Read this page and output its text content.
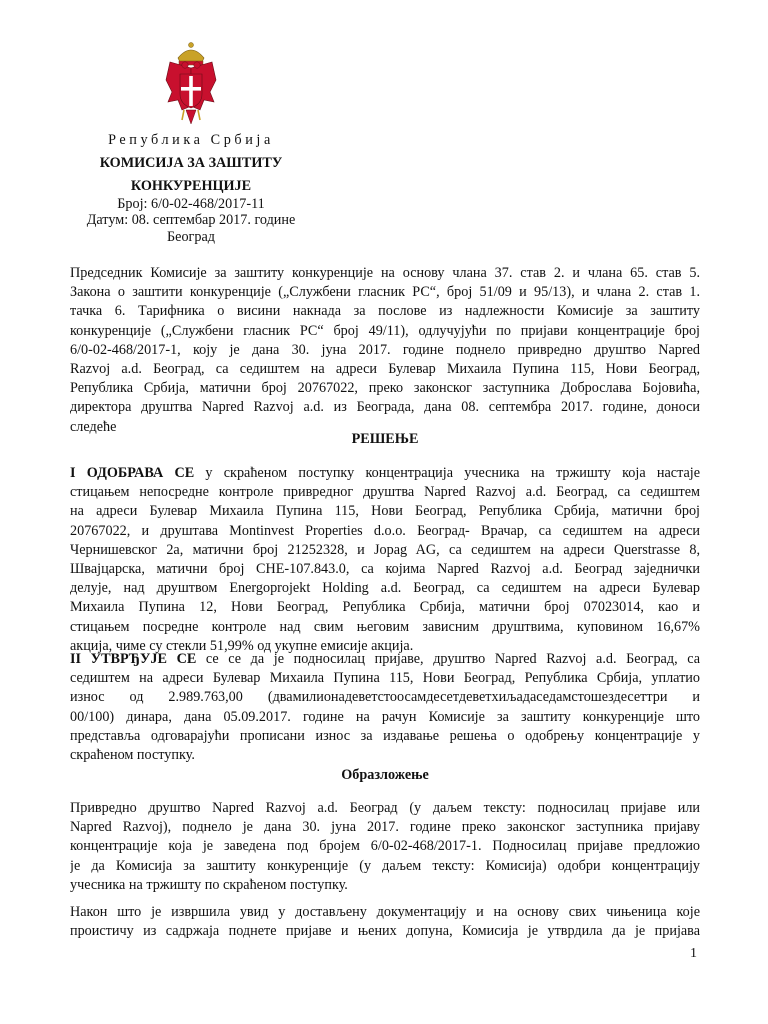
Република Србија
КОМИСИЈА ЗА ЗАШТИТУ
КОНКУРЕНЦИЈЕ
Број: 6/0-02-468/2017-11
Датум: 08. септембар 2017. године
Београд
Председник Комисије за заштиту конкуренције на основу члана 37. став 2. и члана 65. став 5.
Закона о заштити конкуренције („Службени гласник РС“, број 51/09 и 95/13), и члана 2. став 1.
тачка 6. Тарифника о висини накнада за послове из надлежности Комисије за заштиту
конкуренције („Службени гласник РС“ број 49/11), одлучујући по пријави концентрације број
6/0-02-468/2017-1, коју је дана 30. јуна 2017. године поднело привредно друштво Napred
Razvoj a.d. Београд, са седиштем на адреси Булевар Михаила Пупина 115, Нови Београд,
Република Србија, матични број 20767022, преко законског заступника Доброслава Бојовића,
директора друштва Napred Razvoj a.d. из Београда, дана 08. септембра 2017. године, доноси
следеће
РЕШЕЊЕ
I ОДОБРАВА СЕ у скраћеном поступку концентрација учесника на тржишту која настаје
стицањем непосредне контроле привредног друштва Napred Razvoj a.d. Београд, са седиштем
на адреси Булевар Михаила Пупина 115, Нови Београд, Република Србија, матични број
20767022, и друштава Montinvest Properties d.o.o. Београд- Врачар, са седиштем на адреси
Чернишевског 2а, матични број 21252328, и Jopag AG, са седиштем на адреси Querstrasse 8,
Швајцарска, матични број CHE-107.843.0, са којима Napred Razvoj a.d. Београд заједнички
делује, над друштвом Energoprojekt Holding a.d. Београд, са седиштем на адреси Булевар
Михаила Пупина 12, Нови Београд, Република Србија, матични број 07023014, као и
стицањем посредне контроле над свим његовим зависним друштвима, куповином 16,67%
акција, чиме су стекли 51,99% од укупне емисије акција.
II УТВРЂУЈЕ СЕ се се да је подносилац пријаве, друштво Napred Razvoj a.d. Београд, са
седиштем на адреси Булевар Михаила Пупина 115, Нови Београд, Република Србија, уплатио
износ од 2.989.763,00 (двамилионадеветстоосамдесетдеветхиљадаседамстошездесеттри и
00/100) динара, дана 05.09.2017. године на рачун Комисије за заштиту конкуренције што
представља одговарајући прописани износ за издавање решења о одобрењу концентрације у
скраћеном поступку.
Образложење
Привредно друштво Napred Razvoj a.d. Београд (у даљем тексту: подносилац пријаве или
Napred Razvoj), поднело је дана 30. јуна 2017. године преко законског заступника пријаву
концентрације која је заведена под бројем 6/0-02-468/2017-1. Подносилац пријаве предложио
је да Комисија за заштиту конкуренције (у даљем тексту: Комисија) одобри концентрацију
учесника на тржишту по скраћеном поступку.
Након што је извршила увид у достављену документацију и на основу свих чињеница које
проистичу из садржаја поднете пријаве и њених допуна, Комисија је утврдила да је пријава
1
